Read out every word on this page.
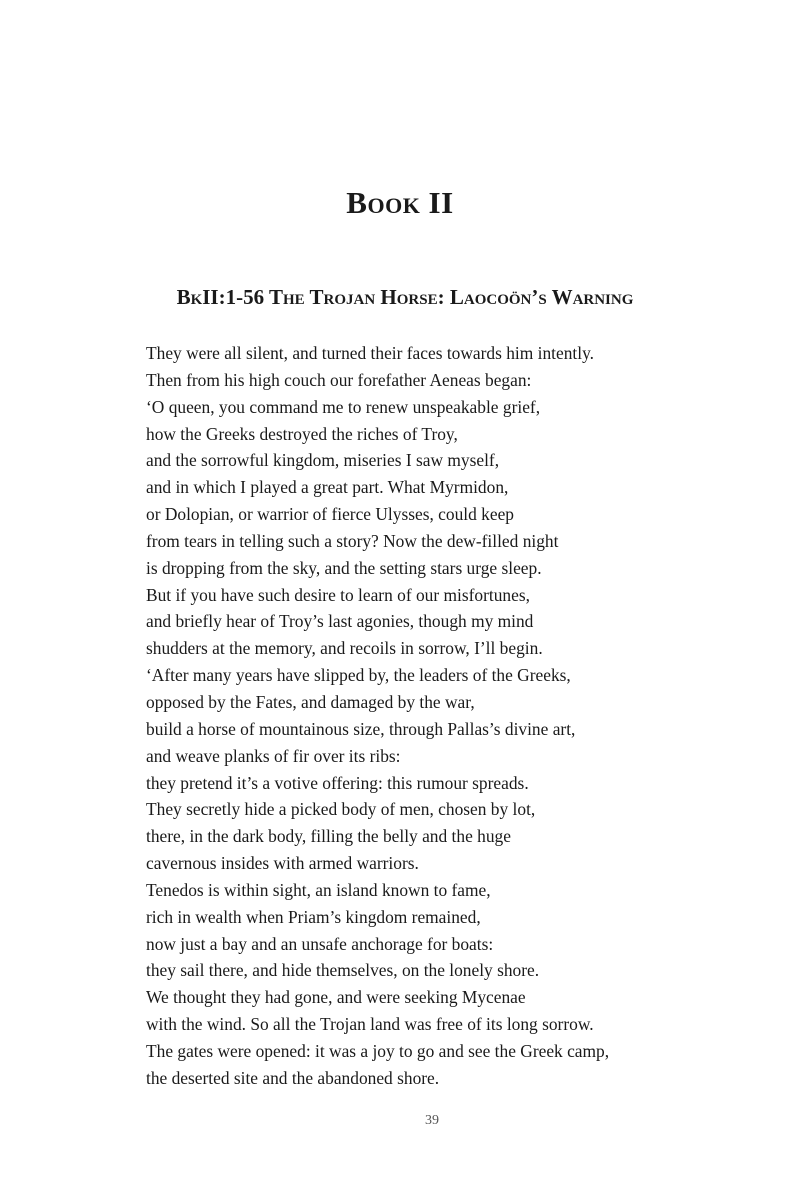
Book II
BkII:1-56 The Trojan Horse: Laocoön’s Warning
They were all silent, and turned their faces towards him intently.
Then from his high couch our forefather Aeneas began:
‘O queen, you command me to renew unspeakable grief,
how the Greeks destroyed the riches of Troy,
and the sorrowful kingdom, miseries I saw myself,
and in which I played a great part. What Myrmidon,
or Dolopian, or warrior of fierce Ulysses, could keep
from tears in telling such a story? Now the dew-filled night
is dropping from the sky, and the setting stars urge sleep.
But if you have such desire to learn of our misfortunes,
and briefly hear of Troy’s last agonies, though my mind
shudders at the memory, and recoils in sorrow, I’ll begin.
‘After many years have slipped by, the leaders of the Greeks,
opposed by the Fates, and damaged by the war,
build a horse of mountainous size, through Pallas’s divine art,
and weave planks of fir over its ribs:
they pretend it’s a votive offering: this rumour spreads.
They secretly hide a picked body of men, chosen by lot,
there, in the dark body, filling the belly and the huge
cavernous insides with armed warriors.
Tenedos is within sight, an island known to fame,
rich in wealth when Priam’s kingdom remained,
now just a bay and an unsafe anchorage for boats:
they sail there, and hide themselves, on the lonely shore.
We thought they had gone, and were seeking Mycenae
with the wind. So all the Trojan land was free of its long sorrow.
The gates were opened: it was a joy to go and see the Greek camp,
the deserted site and the abandoned shore.
39
